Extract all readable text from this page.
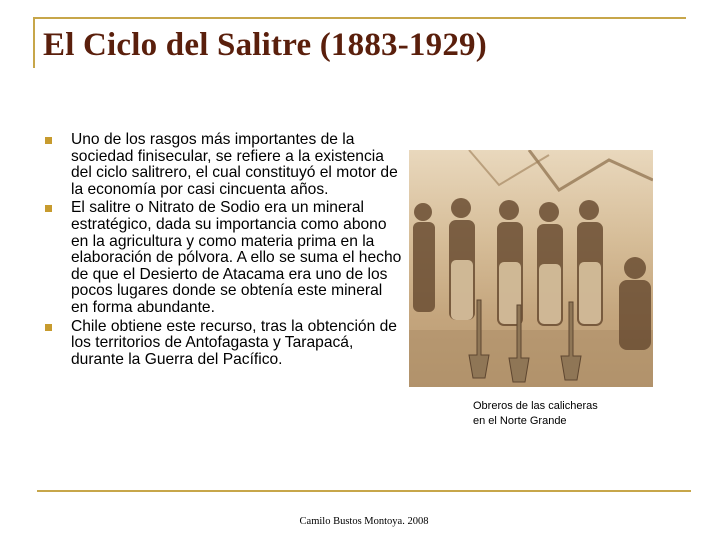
El Ciclo del Salitre (1883-1929)
Uno de los rasgos más importantes de la sociedad finisecular, se refiere a la existencia del ciclo salitrero, el cual constituyó el motor de la economía por casi cincuenta años.
El salitre o Nitrato de Sodio era un mineral estratégico, dada su importancia como abono en la agricultura y como materia prima en la elaboración de pólvora. A ello se suma el hecho de que el Desierto de Atacama era uno de los pocos lugares donde se obtenía este mineral en forma abundante.
Chile obtiene este recurso, tras la obtención de los territorios de Antofagasta y Tarapacá, durante la Guerra del Pacífico.
Obreros de las calicheras
en el Norte Grande
Camilo Bustos Montoya. 2008
